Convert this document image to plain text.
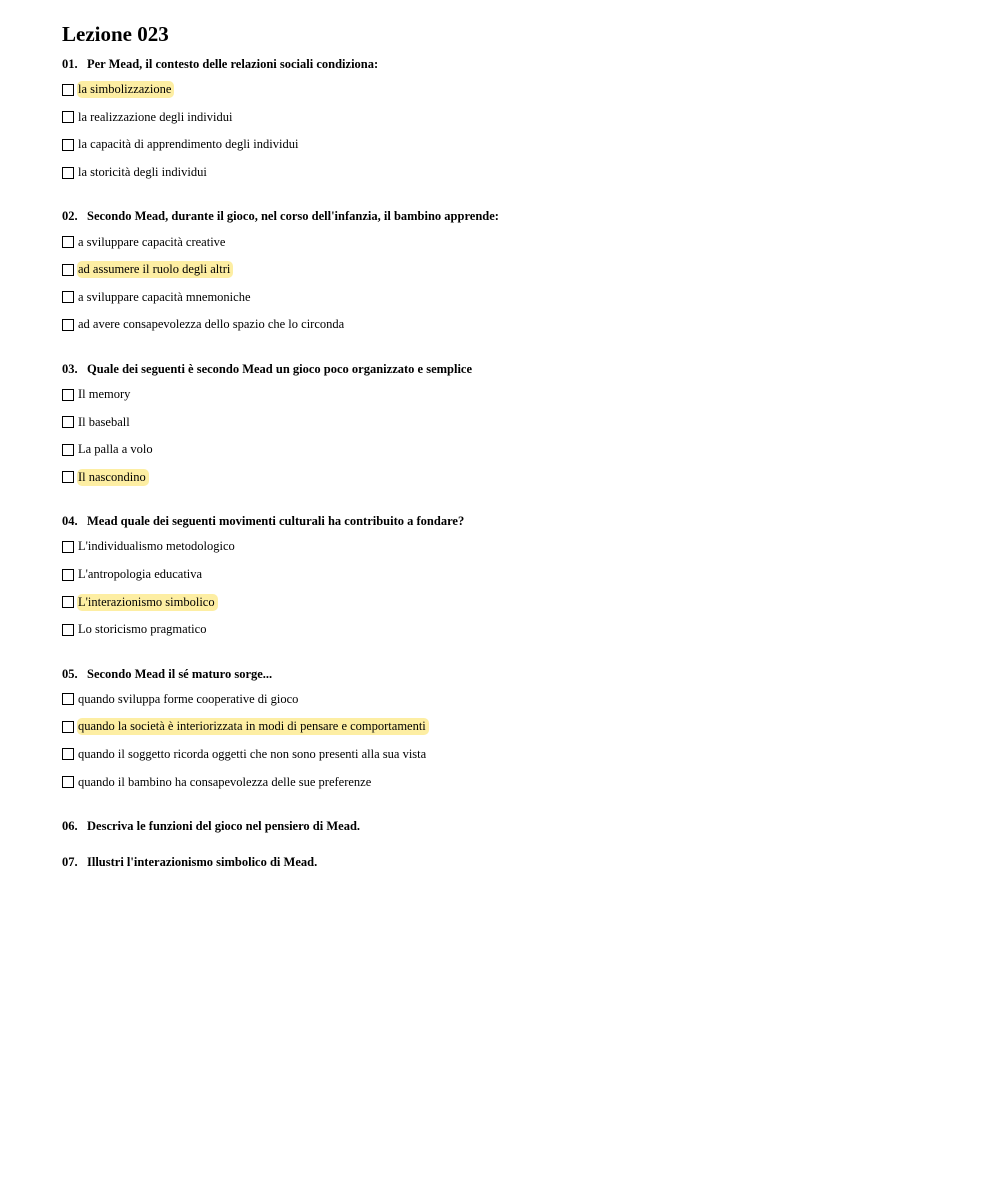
Lezione 023
01. Per Mead, il contesto delle relazioni sociali condiziona:
la simbolizzazione
la realizzazione degli individui
la capacità di apprendimento degli individui
la storicità degli individui
02. Secondo Mead, durante il gioco, nel corso dell'infanzia, il bambino apprende:
a sviluppare capacità creative
ad assumere il ruolo degli altri
a sviluppare capacità mnemoniche
ad avere consapevolezza dello spazio che lo circonda
03. Quale dei seguenti è secondo Mead un gioco poco organizzato e semplice
Il memory
Il baseball
La palla a volo
Il nascondino
04. Mead quale dei seguenti movimenti culturali ha contribuito a fondare?
L'individualismo metodologico
L'antropologia educativa
L'interazionismo simbolico
Lo storicismo pragmatico
05. Secondo Mead il sé maturo sorge...
quando sviluppa forme cooperative di gioco
quando la società è interiorizzata in modi di pensare e comportamenti
quando il soggetto ricorda oggetti che non sono presenti alla sua vista
quando il bambino ha consapevolezza delle sue preferenze
06. Descriva le funzioni del gioco nel pensiero di Mead.
07. Illustri l'interazionismo simbolico di Mead.
